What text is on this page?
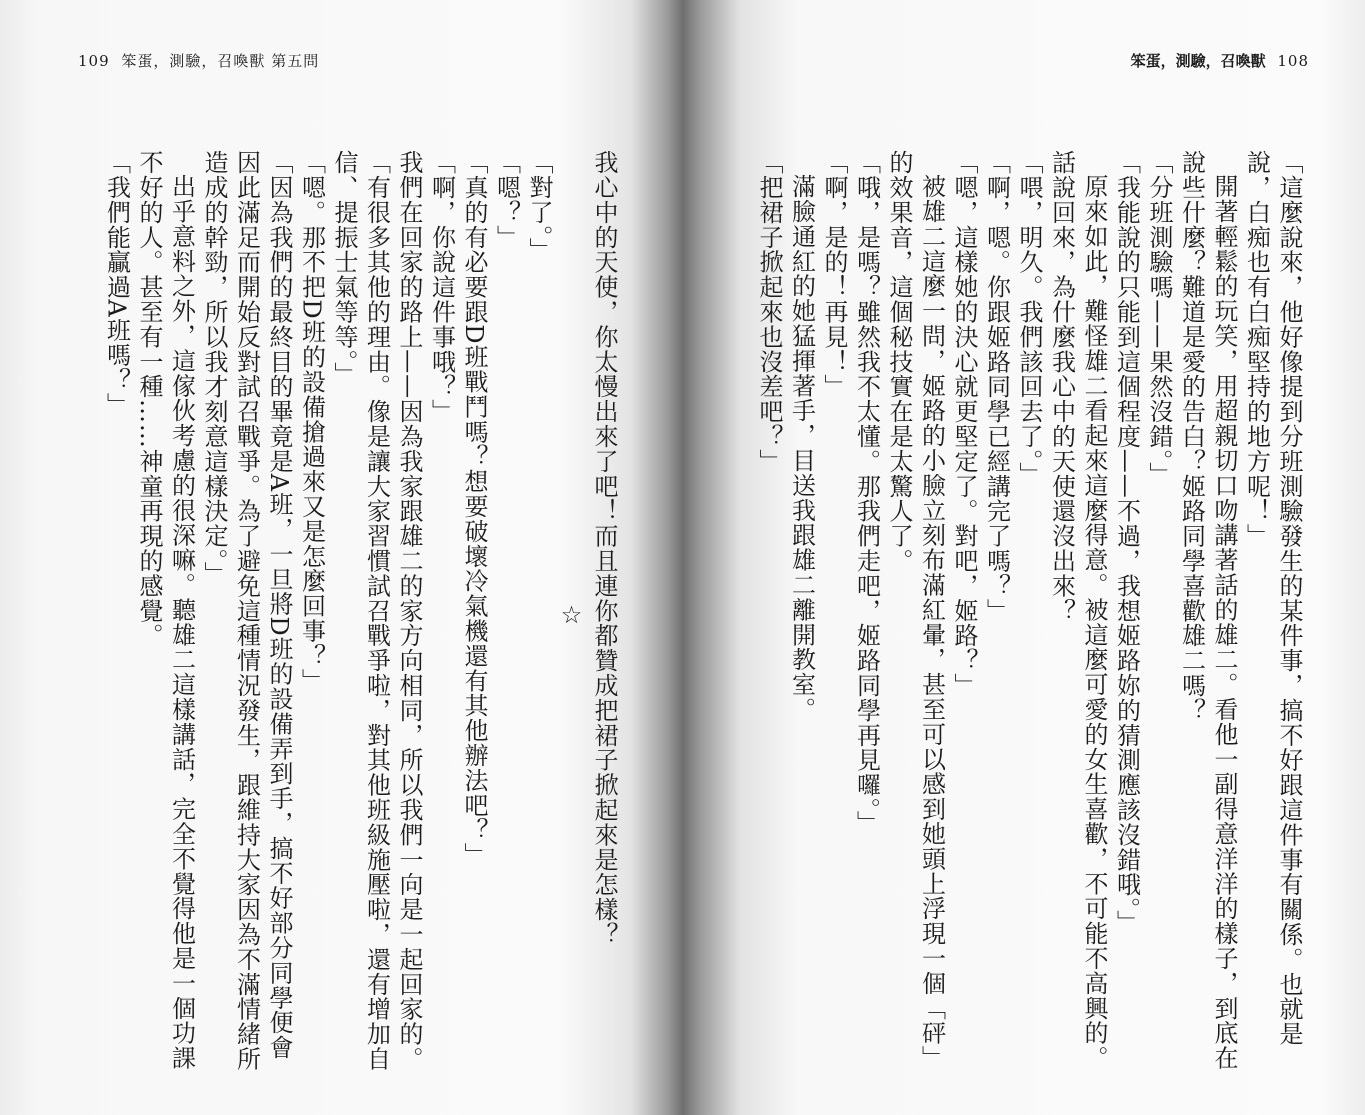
109 笨蛋，測驗，召喚獸 第五問
我心中的天使，你太慢出來了吧！而且連你都贊成把裙子掀起來是怎樣？
☆
「對了。」
「嗯？」
「真的有必要跟D班戰鬥嗎？想要破壞冷氣機還有其他辦法吧？」
「啊，你說這件事哦？」
我們在回家的路上——因為我家跟雄二的家方向相同，所以我們一向是一起回家的。
「有很多其他的理由。像是讓大家習慣試召戰爭啦，對其他班級施壓啦，還有增加自信、提振士氣等等。」
「嗯。那不把D班的設備搶過來又是怎麼回事？」
「因為我們的最終目的畢竟是A班，一旦將D班的設備弄到手，搞不好部分同學便會因此滿足而開始反對試召戰爭。為了避免這種情況發生，跟維持大家因為不滿情緒所造成的幹勁，所以我才刻意這樣決定。」
出乎意料之外，這傢伙考慮的很深嘛。聽雄二這樣講話，完全不覺得他是一個功課不好的人。甚至有一種……神童再現的感覺。
「我們能贏過A班嗎？」
笨蛋，測驗，召喚獸 108
「這麼說來，他好像提到分班測驗發生的某件事，搞不好跟這件事有關係。也就是說，白痴也有白痴堅持的地方呢！」
開著輕鬆的玩笑，用超親切口吻講著話的雄二。看他一副得意洋洋的樣子，到底在說些什麼？難道是愛的告白？姬路同學喜歡雄二嗎？
「分班測驗嗎——果然沒錯。」
「我能說的只能到這個程度——不過，我想姬路妳的猜測應該沒錯哦。」
原來如此，難怪雄二看起來這麼得意。被這麼可愛的女生喜歡，不可能不高興的。話說回來，為什麼我心中的天使還沒出來？
「喂，明久。我們該回去了。」
「啊，嗯。你跟姬路同學已經講完了嗎？」
「嗯，這樣她的決心就更堅定了。對吧，姬路？」
被雄二這麼一問，姬路的小臉立刻布滿紅暈，甚至可以感到她頭上浮現一個「砰」的效果音，這個秘技實在是太驚人了。
「哦，是嗎？雖然我不太懂。那我們走吧，姬路同學再見囉。」
「啊，是的！再見！」
滿臉通紅的她猛揮著手，目送我跟雄二離開教室。
「把裙子掀起來也沒差吧？」
